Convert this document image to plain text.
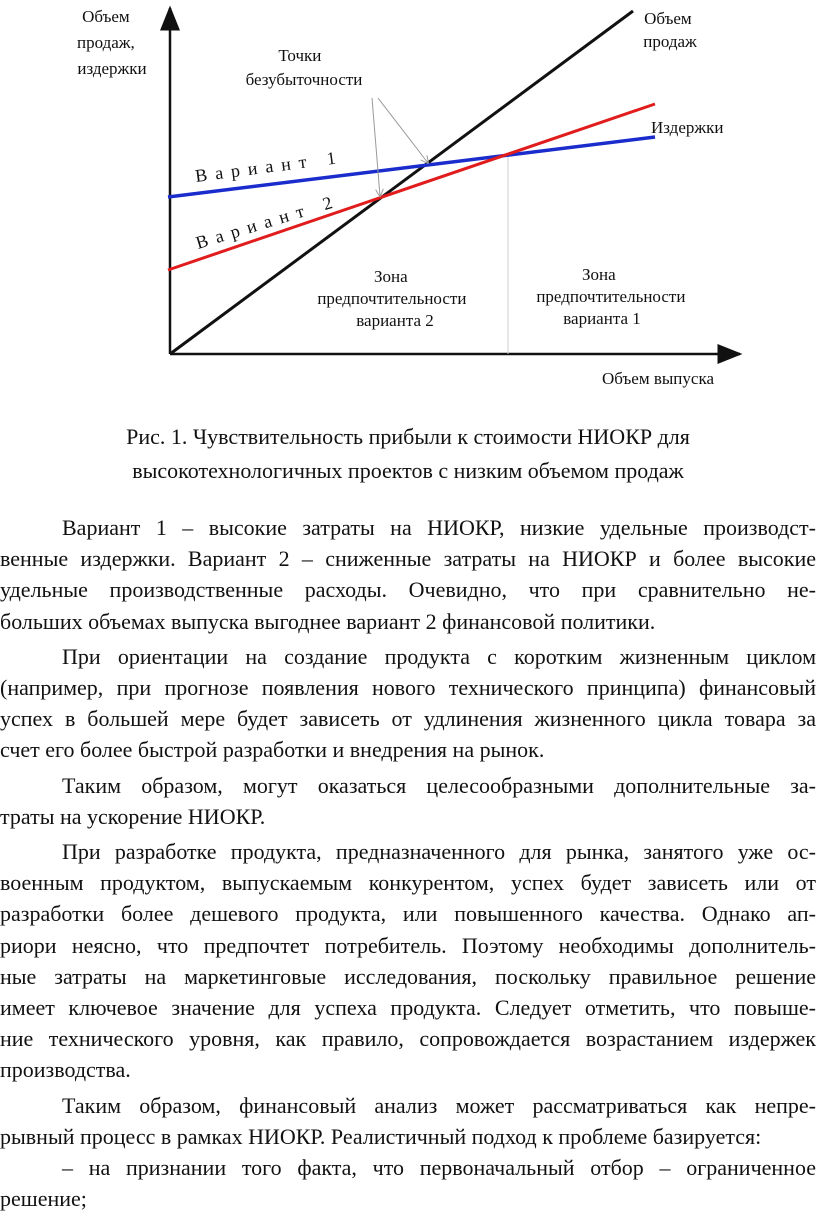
Объем продаж, издержки
Объем продаж
Издержки
Точки безубыточности
Вариант 1
Вариант 2
Зона предпочтительности варианта 2
Зона предпочтительности варианта 1
Объем выпуска
Рис. 1. Чувствительность прибыли к стоимости НИОКР для
высокотехнологичных проектов с низким объемом продаж
Вариант 1 – высокие затраты на НИОКР, низкие удельные производст-
венные издержки. Вариант 2 – сниженные затраты на НИОКР и более высокие
удельные производственные расходы. Очевидно, что при сравнительно не-
больших объемах выпуска выгоднее вариант 2 финансовой политики.
При ориентации на создание продукта с коротким жизненным циклом
(например, при прогнозе появления нового технического принципа) финансовый
успех в большей мере будет зависеть от удлинения жизненного цикла товара за
счет его более быстрой разработки и внедрения на рынок.
Таким образом, могут оказаться целесообразными дополнительные за-
траты на ускорение НИОКР.
При разработке продукта, предназначенного для рынка, занятого уже ос-
военным продуктом, выпускаемым конкурентом, успех будет зависеть или от
разработки более дешевого продукта, или повышенного качества. Однако ап-
риори неясно, что предпочтет потребитель. Поэтому необходимы дополнитель-
ные затраты на маркетинговые исследования, поскольку правильное решение
имеет ключевое значение для успеха продукта. Следует отметить, что повыше-
ние технического уровня, как правило, сопровождается возрастанием издержек
производства.
Таким образом, финансовый анализ может рассматриваться как непре-
рывный процесс в рамках НИОКР. Реалистичный подход к проблеме базируется:
– на признании того факта, что первоначальный отбор – ограниченное
решение;
